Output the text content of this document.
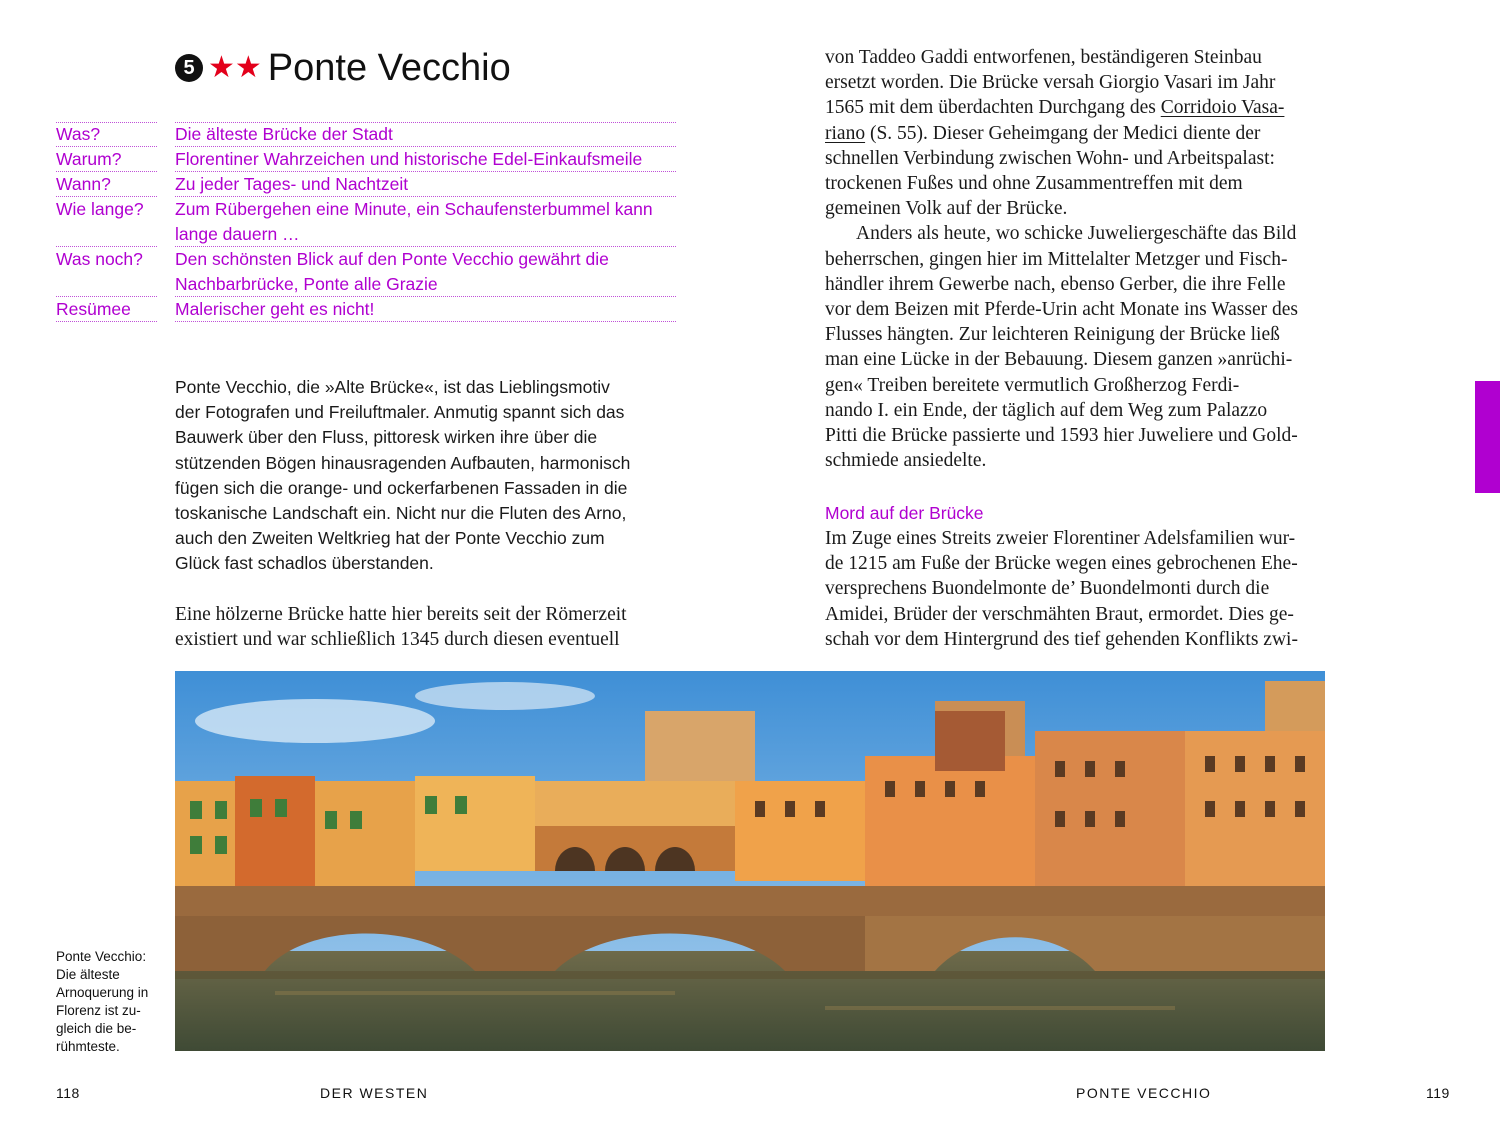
5 ★★ Ponte Vecchio
Was?	Die älteste Brücke der Stadt
Warum?	Florentiner Wahrzeichen und historische Edel-Einkaufsmeile
Wann?	Zu jeder Tages- und Nachtzeit
Wie lange?	Zum Rübergehen eine Minute, ein Schaufensterbummel kann
lange dauern …
Was noch?	Den schönsten Blick auf den Ponte Vecchio gewährt die
Nachbarbrücke, Ponte alle Grazie
Resümee	Malerischer geht es nicht!
Ponte Vecchio, die »Alte Brücke«, ist das Lieblingsmotiv
der Fotografen und Freiluftmaler. Anmutig spannt sich das
Bauwerk über den Fluss, pittoresk wirken ihre über die
stützenden Bögen hinausragenden Aufbauten, harmonisch
fügen sich die orange- und ockerfarbenen Fassaden in die
toskanische Landschaft ein. Nicht nur die Fluten des Arno,
auch den Zweiten Weltkrieg hat der Ponte Vecchio zum
Glück fast schadlos überstanden.
Eine hölzerne Brücke hatte hier bereits seit der Römerzeit
existiert und war schließlich 1345 durch diesen eventuell
von Taddeo Gaddi entworfenen, beständigeren Steinbau
ersetzt worden. Die Brücke versah Giorgio Vasari im Jahr
1565 mit dem überdachten Durchgang des Corridoio Vasa-
riano (S. 55). Dieser Geheimgang der Medici diente der
schnellen Verbindung zwischen Wohn- und Arbeitspalast:
trockenen Fußes und ohne Zusammentreffen mit dem
gemeinen Volk auf der Brücke.
Anders als heute, wo schicke Juweliergeschäfte das Bild
beherrschen, gingen hier im Mittelalter Metzger und Fisch-
händler ihrem Gewerbe nach, ebenso Gerber, die ihre Felle
vor dem Beizen mit Pferde-Urin acht Monate ins Wasser des
Flusses hängten. Zur leichteren Reinigung der Brücke ließ
man eine Lücke in der Bebauung. Diesem ganzen »anrüchi-
gen« Treiben bereitete vermutlich Großherzog Ferdi-
nando I. ein Ende, der täglich auf dem Weg zum Palazzo
Pitti die Brücke passierte und 1593 hier Juweliere und Gold-
schmiede ansiedelte.
Mord auf der Brücke
Im Zuge eines Streits zweier Florentiner Adelsfamilien wur-
de 1215 am Fuße der Brücke wegen eines gebrochenen Ehe-
versprechens Buondelmonte de’ Buondelmonti durch die
Amidei, Brüder der verschmähten Braut, ermordet. Dies ge-
schah vor dem Hintergrund des tief gehenden Konflikts zwi-
Ponte Vecchio:
Die älteste
Arnoquerung in
Florenz ist zu-
gleich die be-
rühmteste.
118	DER WESTEN	PONTE VECCHIO	119
